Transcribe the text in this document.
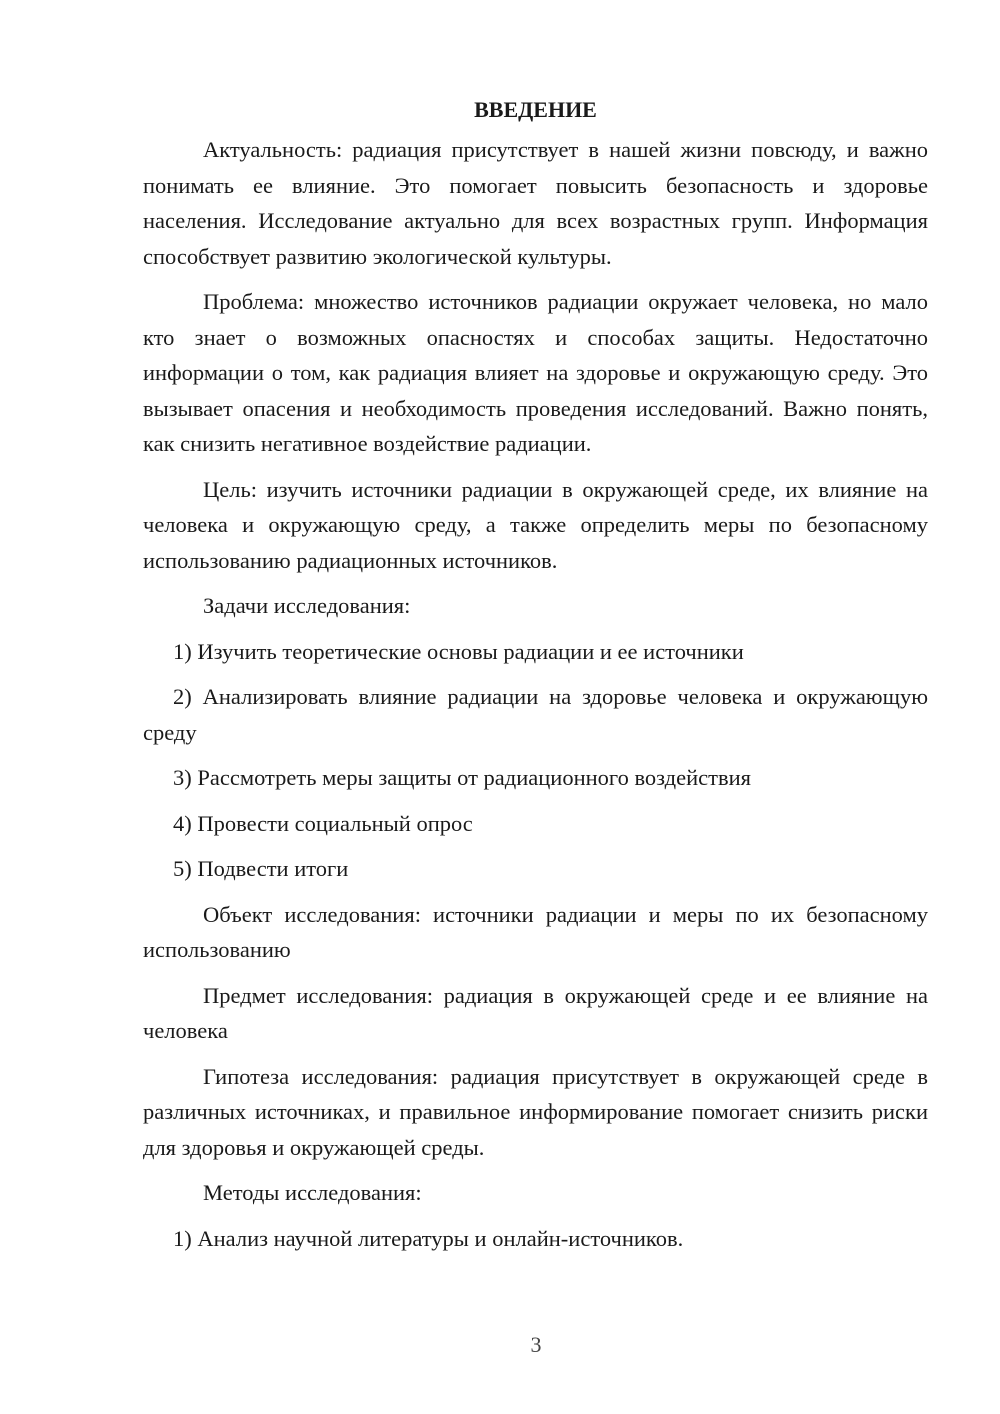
ВВЕДЕНИЕ

Актуальность: радиация присутствует в нашей жизни повсюду, и важно понимать ее влияние. Это помогает повысить безопасность и здоровье населения. Исследование актуально для всех возрастных групп. Информация способствует развитию экологической культуры.

Проблема: множество источников радиации окружает человека, но мало кто знает о возможных опасностях и способах защиты. Недостаточно информации о том, как радиация влияет на здоровье и окружающую среду. Это вызывает опасения и необходимость проведения исследований. Важно понять, как снизить негативное воздействие радиации.

Цель: изучить источники радиации в окружающей среде, их влияние на человека и окружающую среду, а также определить меры по безопасному использованию радиационных источников.

Задачи исследования:

1) Изучить теоретические основы радиации и ее источники

2) Анализировать влияние радиации на здоровье человека и окружающую среду

3) Рассмотреть меры защиты от радиационного воздействия

4) Провести социальный опрос

5) Подвести итоги

Объект исследования: источники радиации и меры по их безопасному использованию

Предмет исследования: радиация в окружающей среде и ее влияние на человека

Гипотеза исследования: радиация присутствует в окружающей среде в различных источниках, и правильное информирование помогает снизить риски для здоровья и окружающей среды.

Методы исследования:

1) Анализ научной литературы и онлайн-источников.

3
